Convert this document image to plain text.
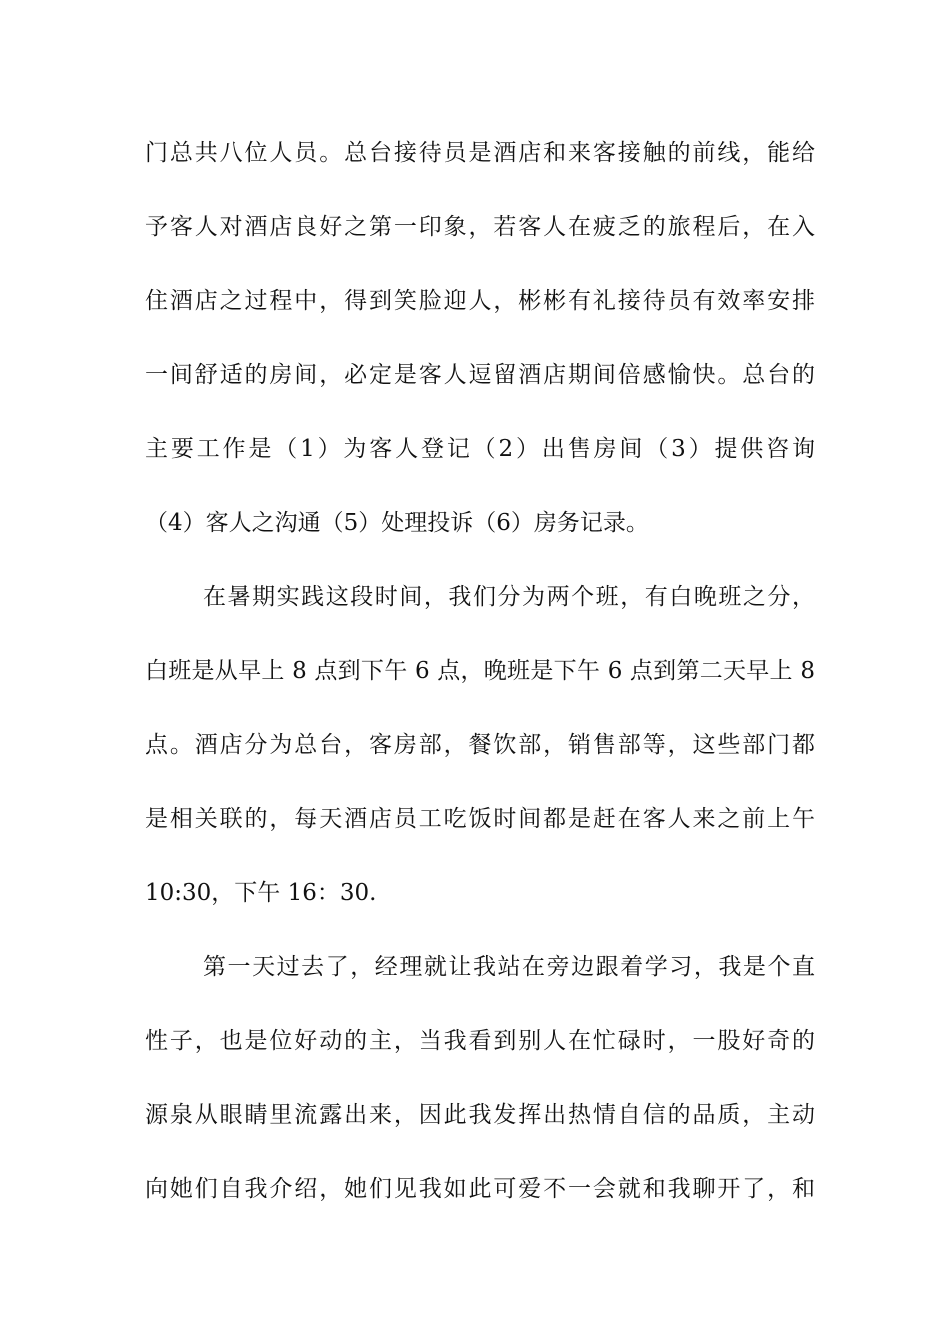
门总共八位人员。总台接待员是酒店和来客接触的前线，能给
予客人对酒店良好之第一印象，若客人在疲乏的旅程后，在入
住酒店之过程中，得到笑脸迎人，彬彬有礼接待员有效率安排
一间舒适的房间，必定是客人逗留酒店期间倍感愉快。总台的
主要工作是（1）为客人登记（2）出售房间（3）提供咨询
（4）客人之沟通（5）处理投诉（6）房务记录。
在暑期实践这段时间，我们分为两个班，有白晚班之分，
白班是从早上 8 点到下午 6 点，晚班是下午 6 点到第二天早上 8
点。酒店分为总台，客房部，餐饮部，销售部等，这些部门都
是相关联的，每天酒店员工吃饭时间都是赶在客人来之前上午
10:30，下午 16：30.
第一天过去了，经理就让我站在旁边跟着学习，我是个直
性子，也是位好动的主，当我看到别人在忙碌时，一股好奇的
源泉从眼睛里流露出来，因此我发挥出热情自信的品质，主动
向她们自我介绍，她们见我如此可爱不一会就和我聊开了，和
